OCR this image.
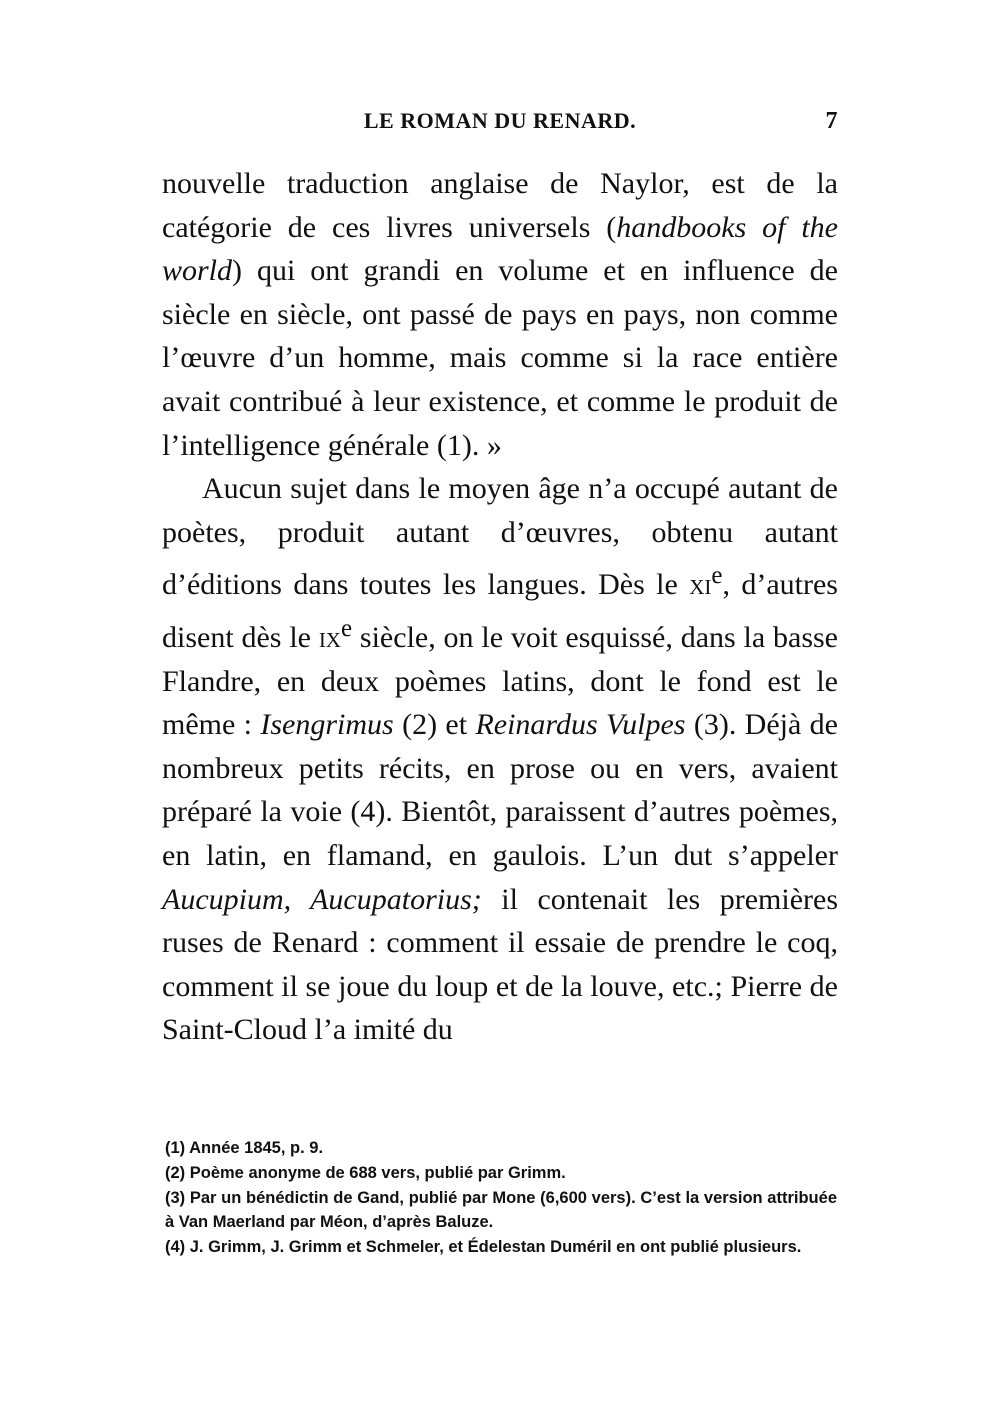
LE ROMAN DU RENARD.	7

nouvelle traduction anglaise de Naylor, est de la catégorie de ces livres universels (handbooks of the world) qui ont grandi en volume et en influence de siècle en siècle, ont passé de pays en pays, non comme l’œuvre d’un homme, mais comme si la race entière avait contribué à leur existence, et comme le produit de l’intelligence générale (1). »

Aucun sujet dans le moyen âge n’a occupé autant de poètes, produit autant d’œuvres, obtenu autant d’éditions dans toutes les langues. Dès le $xi^e$, d’autres disent dès le $ix^e$ siècle, on le voit esquissé, dans la basse Flandre, en deux poèmes latins, dont le fond est le même : Isengrimus (2) et Reinardus Vulpes (3). Déjà de nombreux petits récits, en prose ou en vers, avaient préparé la voie (4). Bientôt, paraissent d’autres poèmes, en latin, en flamand, en gaulois. L’un dut s’appeler Aucupium, Aucupatorius; il contenait les premières ruses de Renard : comment il essaie de prendre le coq, comment il se joue du loup et de la louve, etc.; Pierre de Saint-Cloud l’a imité du

(1) Année 1845, p. 9.

(2) Poème anonyme de 688 vers, publié par Grimm.

(3) Par un bénédictin de Gand, publié par Mone (6,600 vers). C’est la version attribuée à Van Maerland par Méon, d’après Baluze.

(4) J. Grimm, J. Grimm et Schmeler, et Édelestan Duméril en ont publié plusieurs.
